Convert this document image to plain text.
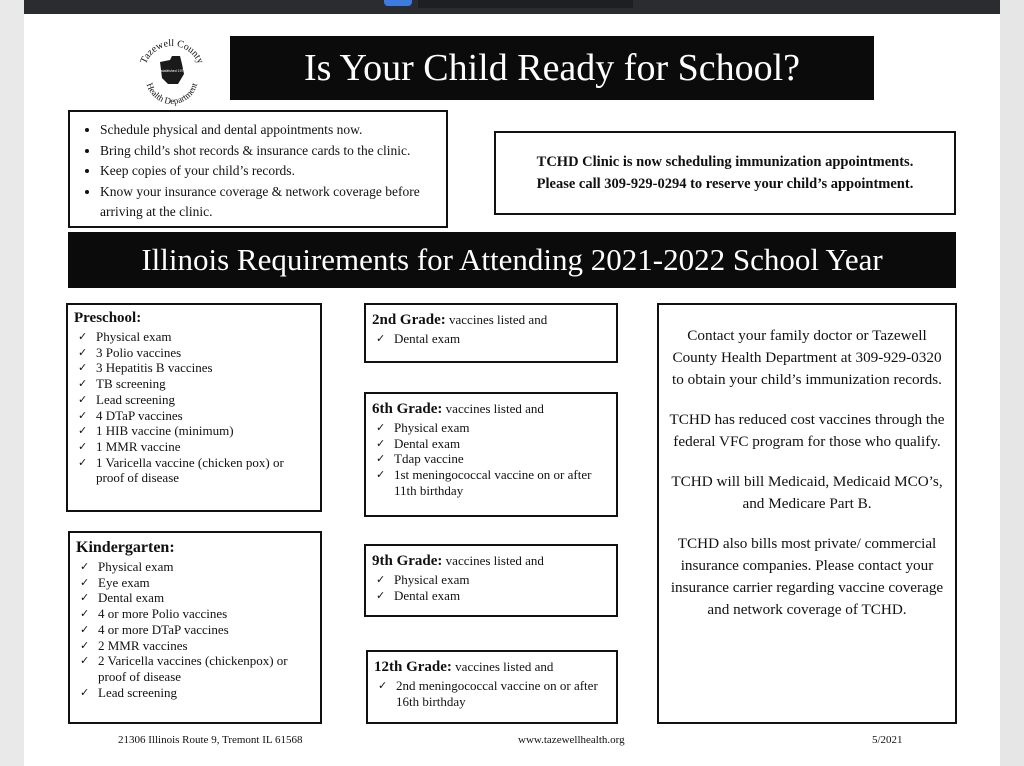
Tazewell County
Health Department
Established 1972	Is Your Child Ready for School?
• Schedule physical and dental appointments now.
• Bring child’s shot records & insurance cards to the clinic.
• Keep copies of your child’s records.
• Know your insurance coverage & network coverage before arriving at the clinic.
TCHD Clinic is now scheduling immunization appointments.
Please call 309-929-0294 to reserve your child’s appointment.
Illinois Requirements for Attending 2021-2022 School Year
Preschool:
✓ Physical exam
✓ 3 Polio vaccines
✓ 3 Hepatitis B vaccines
✓ TB screening
✓ Lead screening
✓ 4 DTaP vaccines
✓ 1 HIB vaccine (minimum)
✓ 1 MMR vaccine
✓ 1 Varicella vaccine (chicken pox) or proof of disease
Kindergarten:
✓ Physical exam
✓ Eye exam
✓ Dental exam
✓ 4 or more Polio vaccines
✓ 4 or more DTaP vaccines
✓ 2 MMR vaccines
✓ 2 Varicella vaccines (chickenpox) or proof of disease
✓ Lead screening
2nd Grade: vaccines listed and
✓ Dental exam
6th Grade: vaccines listed and
✓ Physical exam
✓ Dental exam
✓ Tdap vaccine
✓ 1st meningococcal vaccine on or after 11th birthday
9th Grade: vaccines listed and
✓ Physical exam
✓ Dental exam
12th Grade: vaccines listed and
✓ 2nd meningococcal vaccine on or after 16th birthday

Contact your family doctor or Tazewell County Health Department at 309-929-0320 to obtain your child’s immunization records.

TCHD has reduced cost vaccines through the federal VFC program for those who qualify.

TCHD will bill Medicaid, Medicaid MCO’s, and Medicare Part B.

TCHD also bills most private/ commercial insurance companies. Please contact your insurance carrier regarding vaccine coverage and network coverage of TCHD.

21306 Illinois Route 9, Tremont IL 61568	www.tazewellhealth.org	5/2021
